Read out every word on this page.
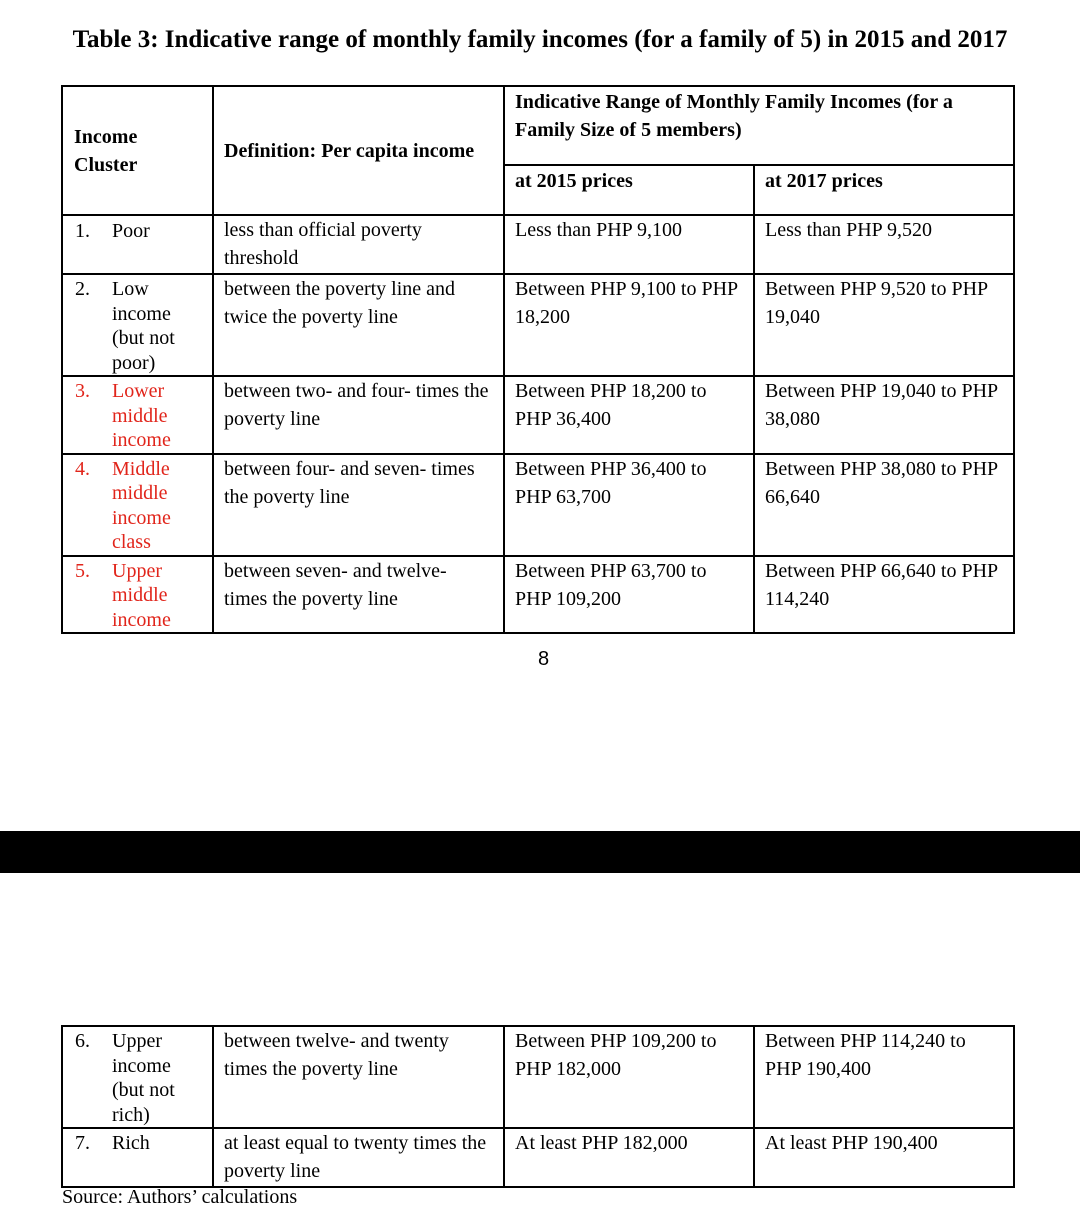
Table 3: Indicative range of monthly family incomes (for a family of 5) in 2015 and 2017
Income Cluster	Definition: Per capita income	Indicative Range of Monthly Family Incomes (for a Family Size of 5 members)	

		at 2015 prices	at 2017 prices

1. Poor	less than official poverty threshold	Less than PHP 9,100	Less than PHP 9,520

2. Low income (but not poor)	between the poverty line and twice the poverty line	Between PHP 9,100 to PHP 18,200	Between PHP 9,520 to PHP 19,040

3. Lower middle income	between two- and four- times the poverty line	Between PHP 18,200 to PHP 36,400	Between PHP 19,040 to PHP 38,080

4. Middle middle income class	between four- and seven- times the poverty line	Between PHP 36,400 to PHP 63,700	Between PHP 38,080 to PHP 66,640

5. Upper middle income	between seven- and twelve- times the poverty line	Between PHP 63,700 to PHP 109,200	Between PHP 66,640 to PHP 114,240
8
6. Upper income (but not rich)	between twelve- and twenty times the poverty line	Between PHP 109,200 to PHP 182,000	Between PHP 114,240 to PHP 190,400

7. Rich	at least equal to twenty times the poverty line	At least PHP 182,000	At least PHP 190,400
Source: Authors’ calculations
